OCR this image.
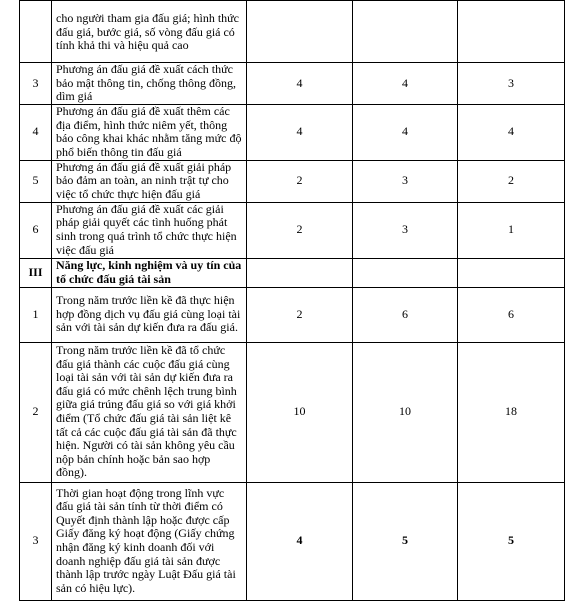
	cho người tham gia đấu giá; hình thức đấu giá, bước giá, số vòng đấu giá có tính khả thi và hiệu quả cao			
3	Phương án đấu giá đề xuất cách thức bảo mật thông tin, chống thông đồng, dìm giá	4	4	3
4	Phương án đấu giá đề xuất thêm các địa điểm, hình thức niêm yết, thông báo công khai khác nhằm tăng mức độ phổ biến thông tin đấu giá	4	4	4
5	Phương án đấu giá đề xuất giải pháp bảo đảm an toàn, an ninh trật tự cho việc tổ chức thực hiện đấu giá	2	3	2
6	Phương án đấu giá đề xuất các giải pháp giải quyết các tình huống phát sinh trong quá trình tổ chức thực hiện việc đấu giá	2	3	1
III	Năng lực, kinh nghiệm và uy tín của tổ chức đấu giá tài sản			
1	Trong năm trước liền kề đã thực hiện hợp đồng dịch vụ đấu giá cùng loại tài sản với tài sản dự kiến đưa ra đấu giá.	2	6	6
2	Trong năm trước liền kề đã tổ chức đấu giá thành các cuộc đấu giá cùng loại tài sản với tài sản dự kiến đưa ra đấu giá có mức chênh lệch trung bình giữa giá trúng đấu giá so với giá khởi điểm (Tổ chức đấu giá tài sản liệt kê tất cả các cuộc đấu giá tài sản đã thực hiện. Người có tài sản không yêu cầu nộp bản chính hoặc bản sao hợp đồng).	10	10	18
3	Thời gian hoạt động trong lĩnh vực đấu giá tài sản tính từ thời điểm có Quyết định thành lập hoặc được cấp Giấy đăng ký hoạt động (Giấy chứng nhận đăng ký kinh doanh đối với doanh nghiệp đấu giá tài sản được thành lập trước ngày Luật Đấu giá tài sản có hiệu lực).	4	5	5
